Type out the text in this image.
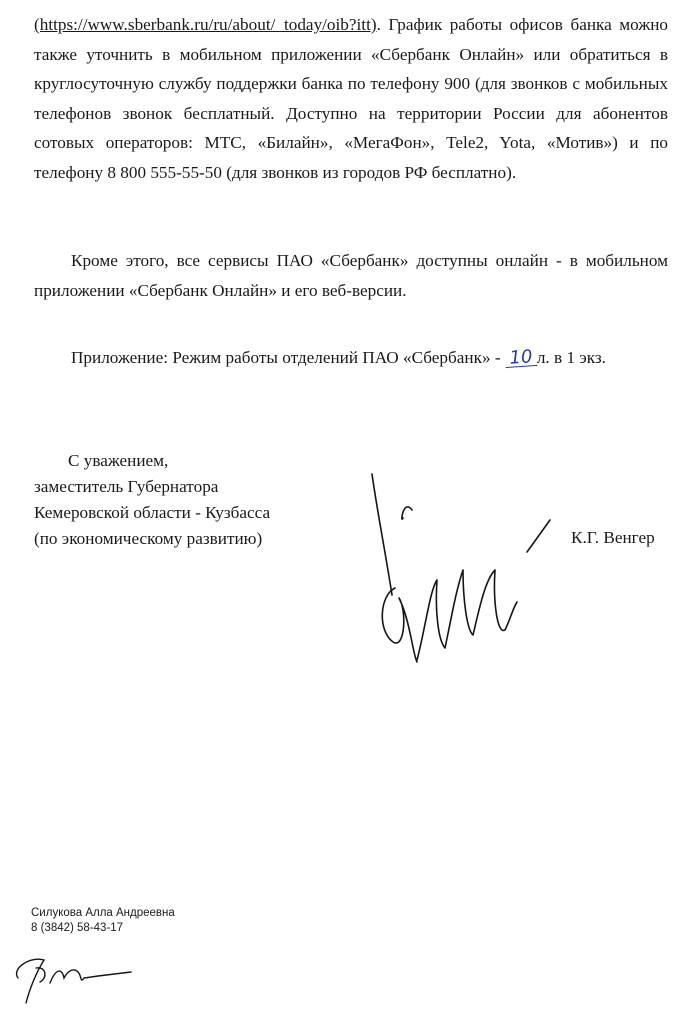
(https://www.sberbank.ru/ru/about/_today/oib?itt). График работы офисов банка можно также уточнить в мобильном приложении «Сбербанк Онлайн» или обратиться в круглосуточную службу поддержки банка по телефону 900 (для звонков с мобильных телефонов звонок бесплатный. Доступно на территории России для абонентов сотовых операторов: МТС, «Билайн», «МегаФон», Tele2, Yota, «Мотив») и по телефону 8 800 555-55-50 (для звонков из городов РФ бесплатно).
Кроме этого, все сервисы ПАО «Сбербанк» доступны онлайн - в мобильном приложении «Сбербанк Онлайн» и его веб-версии.
Приложение: Режим работы отделений ПАО «Сбербанк» - 10 л. в 1 экз.
С уважением,
заместитель Губернатора
Кемеровской области - Кузбасса
(по экономическому развитию)	К.Г. Венгер
Силукова Алла Андреевна
8 (3842) 58-43-17
